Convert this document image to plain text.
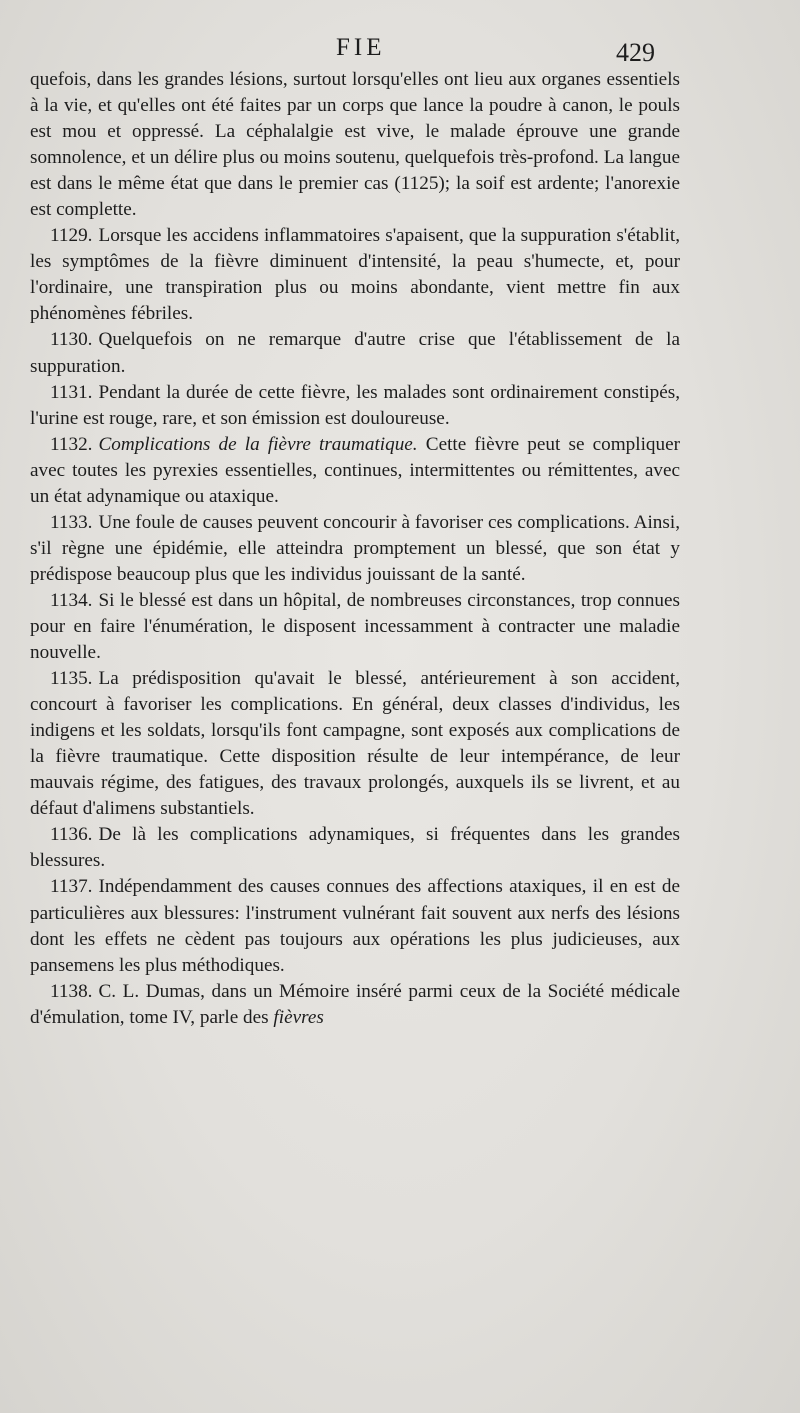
FIE	429

quefois, dans les grandes lésions, surtout lorsqu'elles ont lieu aux organes essentiels à la vie, et qu'elles ont été faites par un corps que lance la poudre à canon, le pouls est mou et oppressé. La céphalalgie est vive, le malade éprouve une grande somnolence, et un délire plus ou moins soutenu, quelquefois très-profond. La langue est dans le même état que dans le premier cas (1125); la soif est ardente; l'anorexie est complette.

1129. Lorsque les accidens inflammatoires s'apaisent, que la suppuration s'établit, les symptômes de la fièvre diminuent d'intensité, la peau s'humecte, et, pour l'ordinaire, une transpiration plus ou moins abondante, vient mettre fin aux phénomènes fébriles.

1130. Quelquefois on ne remarque d'autre crise que l'établissement de la suppuration.

1131. Pendant la durée de cette fièvre, les malades sont ordinairement constipés, l'urine est rouge, rare, et son émission est douloureuse.

1132. Complications de la fièvre traumatique. Cette fièvre peut se compliquer avec toutes les pyrexies essentielles, continues, intermittentes ou rémittentes, avec un état adynamique ou ataxique.

1133. Une foule de causes peuvent concourir à favoriser ces complications. Ainsi, s'il règne une épidémie, elle atteindra promptement un blessé, que son état y prédispose beaucoup plus que les individus jouissant de la santé.

1134. Si le blessé est dans un hôpital, de nombreuses circonstances, trop connues pour en faire l'énumération, le disposent incessamment à contracter une maladie nouvelle.

1135. La prédisposition qu'avait le blessé, antérieurement à son accident, concourt à favoriser les complications. En général, deux classes d'individus, les indigens et les soldats, lorsqu'ils font campagne, sont exposés aux complications de la fièvre traumatique. Cette disposition résulte de leur intempérance, de leur mauvais régime, des fatigues, des travaux prolongés, auxquels ils se livrent, et au défaut d'alimens substantiels.

1136. De là les complications adynamiques, si fréquentes dans les grandes blessures.

1137. Indépendamment des causes connues des affections ataxiques, il en est de particulières aux blessures: l'instrument vulnérant fait souvent aux nerfs des lésions dont les effets ne cèdent pas toujours aux opérations les plus judicieuses, aux pansemens les plus méthodiques.

1138. C. L. Dumas, dans un Mémoire inséré parmi ceux de la Société médicale d'émulation, tome IV, parle des fièvres
